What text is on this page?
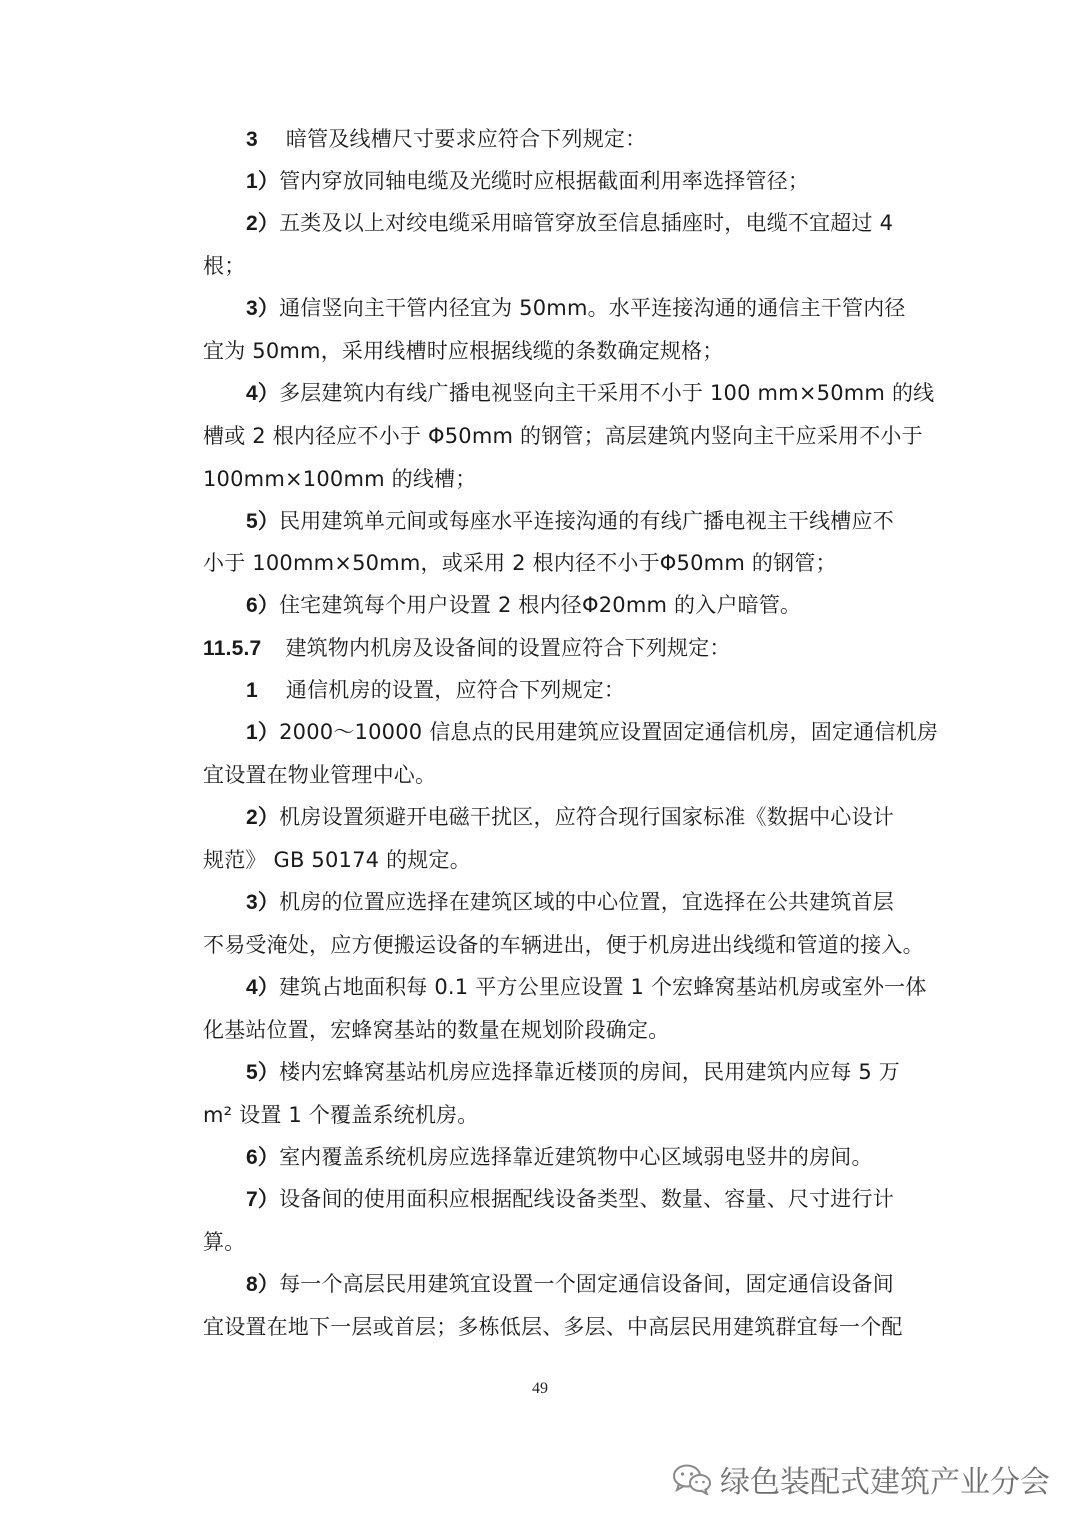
3 暗管及线槽尺寸要求应符合下列规定：
1）管内穿放同轴电缆及光缆时应根据截面利用率选择管径；
2）五类及以上对绞电缆采用暗管穿放至信息插座时，电缆不宜超过 4
根；
3）通信竖向主干管内径宜为 50mm。水平连接沟通的通信主干管内径
宜为 50mm，采用线槽时应根据线缆的条数确定规格；
4）多层建筑内有线广播电视竖向主干采用不小于 100 mm×50mm 的线
槽或 2 根内径应不小于 Φ50mm 的钢管；高层建筑内竖向主干应采用不小于
100mm×100mm 的线槽；
5）民用建筑单元间或每座水平连接沟通的有线广播电视主干线槽应不
小于 100mm×50mm，或采用 2 根内径不小于Φ50mm 的钢管；
6）住宅建筑每个用户设置 2 根内径Φ20mm 的入户暗管。
11.5.7 建筑物内机房及设备间的设置应符合下列规定：
1 通信机房的设置，应符合下列规定：
1）2000～10000 信息点的民用建筑应设置固定通信机房，固定通信机房
宜设置在物业管理中心。
2）机房设置须避开电磁干扰区，应符合现行国家标准《数据中心设计
规范》 GB 50174 的规定。
3）机房的位置应选择在建筑区域的中心位置，宜选择在公共建筑首层
不易受淹处，应方便搬运设备的车辆进出，便于机房进出线缆和管道的接入。
4）建筑占地面积每 0.1 平方公里应设置 1 个宏蜂窝基站机房或室外一体
化基站位置，宏蜂窝基站的数量在规划阶段确定。
5）楼内宏蜂窝基站机房应选择靠近楼顶的房间，民用建筑内应每 5 万
m² 设置 1 个覆盖系统机房。
6）室内覆盖系统机房应选择靠近建筑物中心区域弱电竖井的房间。
7）设备间的使用面积应根据配线设备类型、数量、容量、尺寸进行计
算。
8）每一个高层民用建筑宜设置一个固定通信设备间，固定通信设备间
宜设置在地下一层或首层；多栋低层、多层、中高层民用建筑群宜每一个配
49
绿色装配式建筑产业分会
